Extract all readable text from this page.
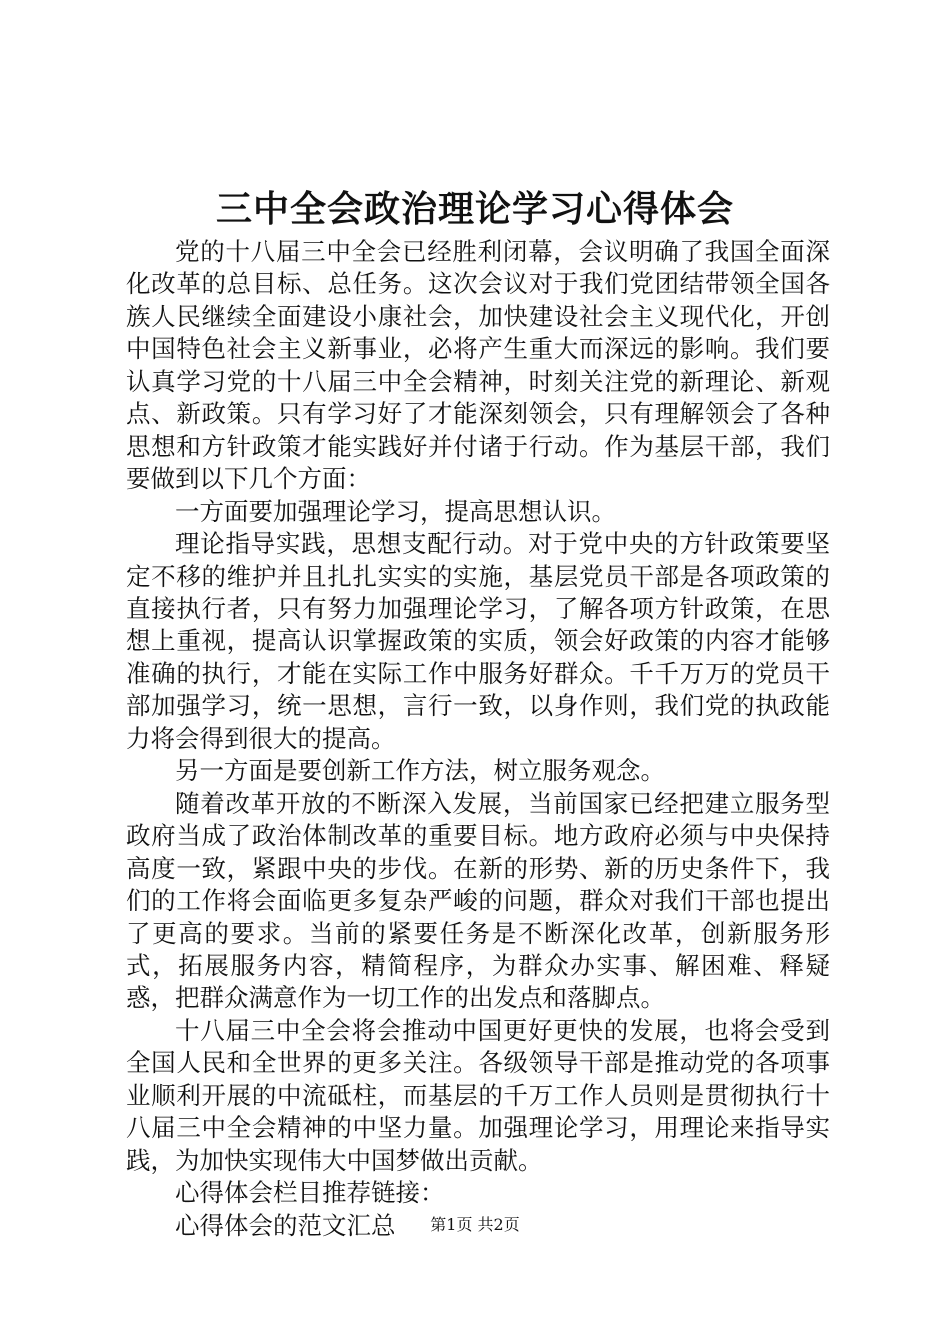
三中全会政治理论学习心得体会

党的十八届三中全会已经胜利闭幕，会议明确了我国全面深化改革的总目标、总任务。这次会议对于我们党团结带领全国各族人民继续全面建设小康社会，加快建设社会主义现代化，开创中国特色社会主义新事业，必将产生重大而深远的影响。我们要认真学习党的十八届三中全会精神，时刻关注党的新理论、新观点、新政策。只有学习好了才能深刻领会，只有理解领会了各种思想和方针政策才能实践好并付诸于行动。作为基层干部，我们要做到以下几个方面：

一方面要加强理论学习，提高思想认识。

理论指导实践，思想支配行动。对于党中央的方针政策要坚定不移的维护并且扎扎实实的实施，基层党员干部是各项政策的直接执行者，只有努力加强理论学习，了解各项方针政策，在思想上重视，提高认识掌握政策的实质，领会好政策的内容才能够准确的执行，才能在实际工作中服务好群众。千千万万的党员干部加强学习，统一思想，言行一致，以身作则，我们党的执政能力将会得到很大的提高。

另一方面是要创新工作方法，树立服务观念。

随着改革开放的不断深入发展，当前国家已经把建立服务型政府当成了政治体制改革的重要目标。地方政府必须与中央保持高度一致，紧跟中央的步伐。在新的形势、新的历史条件下，我们的工作将会面临更多复杂严峻的问题，群众对我们干部也提出了更高的要求。当前的紧要任务是不断深化改革，创新服务形式，拓展服务内容，精简程序，为群众办实事、解困难、释疑惑，把群众满意作为一切工作的出发点和落脚点。

十八届三中全会将会推动中国更好更快的发展，也将会受到全国人民和全世界的更多关注。各级领导干部是推动党的各项事业顺利开展的中流砥柱，而基层的千万工作人员则是贯彻执行十八届三中全会精神的中坚力量。加强理论学习，用理论来指导实践，为加快实现伟大中国梦做出贡献。

心得体会栏目推荐链接：

心得体会的范文汇总	第1页 共2页
